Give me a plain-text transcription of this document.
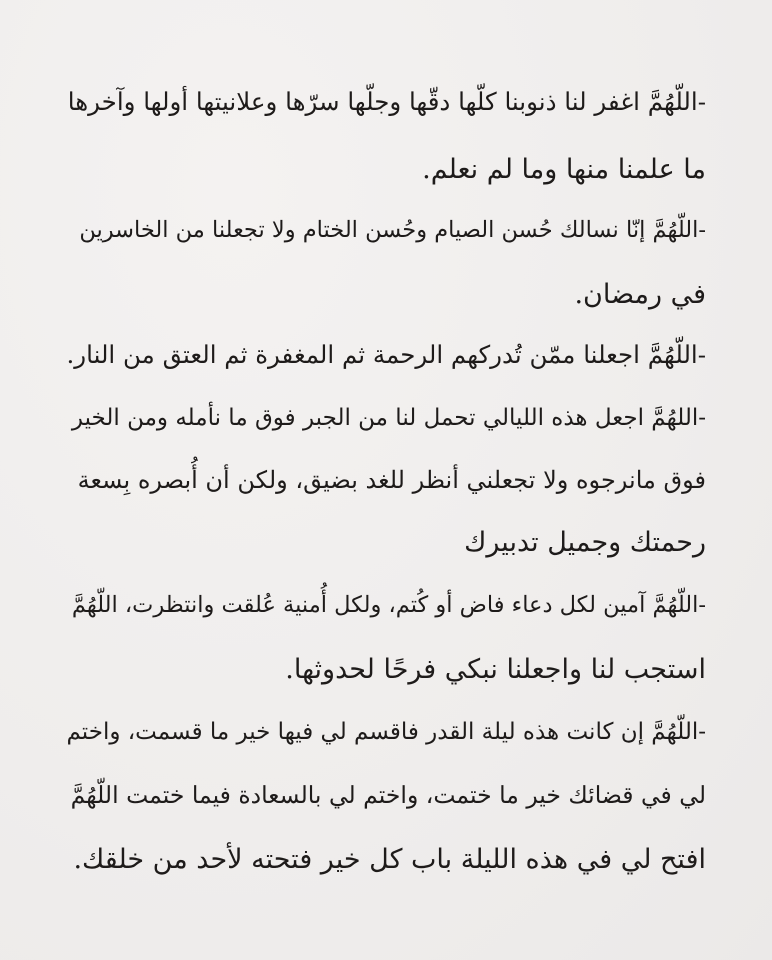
-اللّهُمَّ اغفر لنا ذنوبنا كلّها دقّها وجلّها سرّها وعلانيتها أولها وآخرها
ما علمنا منها وما لم نعلم.
-اللّهُمَّ إنّا نسالك حُسن الصيام وحُسن الختام ولا تجعلنا من الخاسرين
في رمضان.
-اللّهُمَّ اجعلنا ممّن تُدركهم الرحمة ثم المغفرة ثم العتق من النار.
-اللهُمَّ اجعل هذه الليالي تحمل لنا من الجبر فوق ما نأمله ومن الخير
فوق مانرجوه ولا تجعلني أنظر للغد بضيق، ولكن أن أُبصره بِسعة
رحمتك وجميل تدبيرك
-اللّهُمَّ آمين لكل دعاء فاض أو كُتم، ولكل أُمنية عُلقت وانتظرت، اللّهُمَّ
استجب لنا واجعلنا نبكي فرحًا لحدوثها.
-اللّهُمَّ إن كانت هذه ليلة القدر فاقسم لي فيها خير ما قسمت، واختم
لي في قضائك خير ما ختمت، واختم لي بالسعادة فيما ختمت اللّهُمَّ
افتح لي في هذه الليلة باب كل خير فتحته لأحد من خلقك.
